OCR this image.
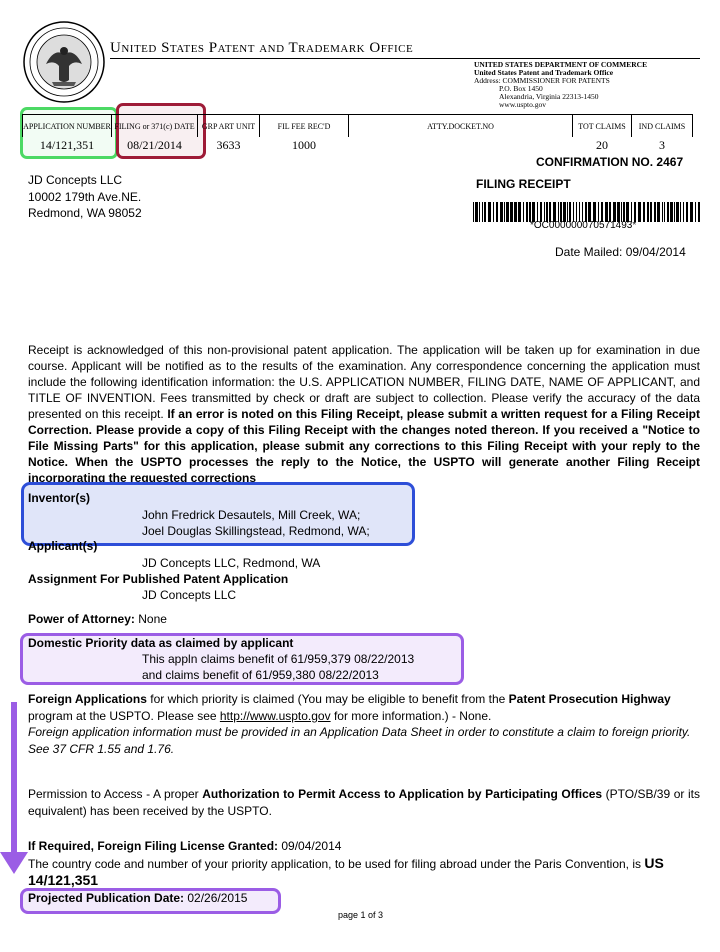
United States Patent and Trademark Office
UNITED STATES DEPARTMENT OF COMMERCE
United States Patent and Trademark Office
Address: COMMISSIONER FOR PATENTS
P.O. Box 1450
Alexandria, Virginia 22313-1450
www.uspto.gov
APPLICATION NUMBER	FILING or 371(c) DATE	GRP ART UNIT	FIL FEE REC'D	ATTY.DOCKET.NO	TOT CLAIMS	IND CLAIMS
14/121,351	08/21/2014	3633	1000		20	3
CONFIRMATION NO. 2467
JD Concepts LLC
10002 179th Ave.NE.
Redmond, WA 98052
FILING RECEIPT
*OC000000070571493*
Date Mailed: 09/04/2014
Receipt is acknowledged of this non-provisional patent application. The application will be taken up for examination in due course. Applicant will be notified as to the results of the examination. Any correspondence concerning the application must include the following identification information: the U.S. APPLICATION NUMBER, FILING DATE, NAME OF APPLICANT, and TITLE OF INVENTION. Fees transmitted by check or draft are subject to collection. Please verify the accuracy of the data presented on this receipt. If an error is noted on this Filing Receipt, please submit a written request for a Filing Receipt Correction. Please provide a copy of this Filing Receipt with the changes noted thereon. If you received a "Notice to File Missing Parts" for this application, please submit any corrections to this Filing Receipt with your reply to the Notice. When the USPTO processes the reply to the Notice, the USPTO will generate another Filing Receipt incorporating the requested corrections
Inventor(s)
John Fredrick Desautels, Mill Creek, WA;
Joel Douglas Skillingstead, Redmond, WA;
Applicant(s)
JD Concepts LLC, Redmond, WA
Assignment For Published Patent Application
JD Concepts LLC
Power of Attorney: None
Domestic Priority data as claimed by applicant
This appln claims benefit of 61/959,379 08/22/2013
and claims benefit of 61/959,380 08/22/2013
Foreign Applications for which priority is claimed (You may be eligible to benefit from the Patent Prosecution Highway program at the USPTO. Please see http://www.uspto.gov for more information.) - None.
Foreign application information must be provided in an Application Data Sheet in order to constitute a claim to foreign priority. See 37 CFR 1.55 and 1.76.
Permission to Access - A proper Authorization to Permit Access to Application by Participating Offices (PTO/SB/39 or its equivalent) has been received by the USPTO.
If Required, Foreign Filing License Granted: 09/04/2014
The country code and number of your priority application, to be used for filing abroad under the Paris Convention, is US 14/121,351
Projected Publication Date: 02/26/2015
page 1 of 3
